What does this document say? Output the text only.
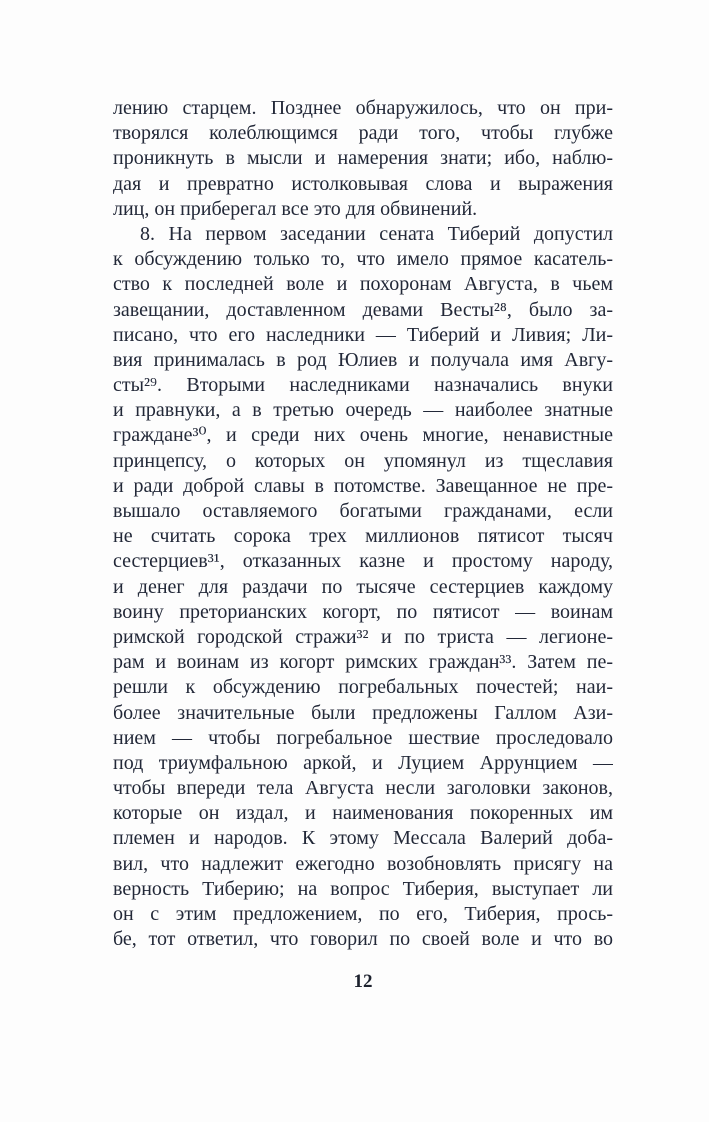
лению старцем. Позднее обнаружилось, что он при-
творялся колеблющимся ради того, чтобы глубже
проникнуть в мысли и намерения знати; ибо, наблю-
дая и превратно истолковывая слова и выражения
лиц, он приберегал все это для обвинений.
8. На первом заседании сената Тиберий допустил
к обсуждению только то, что имело прямое касатель-
ство к последней воле и похоронам Августа, в чьем
завещании, доставленном девами Весты²⁸, было за-
писано, что его наследники — Тиберий и Ливия; Ли-
вия принималась в род Юлиев и получала имя Авгу-
сты²⁹. Вторыми наследниками назначались внуки
и правнуки, а в третью очередь — наиболее знатные
граждане³⁰, и среди них очень многие, ненавистные
принцепсу, о которых он упомянул из тщеславия
и ради доброй славы в потомстве. Завещанное не пре-
вышало оставляемого богатыми гражданами, если
не считать сорока трех миллионов пятисот тысяч
сестерциев³¹, отказанных казне и простому народу,
и денег для раздачи по тысяче сестерциев каждому
воину преторианских когорт, по пятисот — воинам
римской городской стражи³² и по триста — легионе-
рам и воинам из когорт римских граждан³³. Затем пе-
решли к обсуждению погребальных почестей; наи-
более значительные были предложены Галлом Ази-
нием — чтобы погребальное шествие проследовало
под триумфальною аркой, и Луцием Аррунцием —
чтобы впереди тела Августа несли заголовки законов,
которые он издал, и наименования покоренных им
племен и народов. К этому Мессала Валерий доба-
вил, что надлежит ежегодно возобновлять присягу на
верность Тиберию; на вопрос Тиберия, выступает ли
он с этим предложением, по его, Тиберия, прось-
бе, тот ответил, что говорил по своей воле и что во
12
